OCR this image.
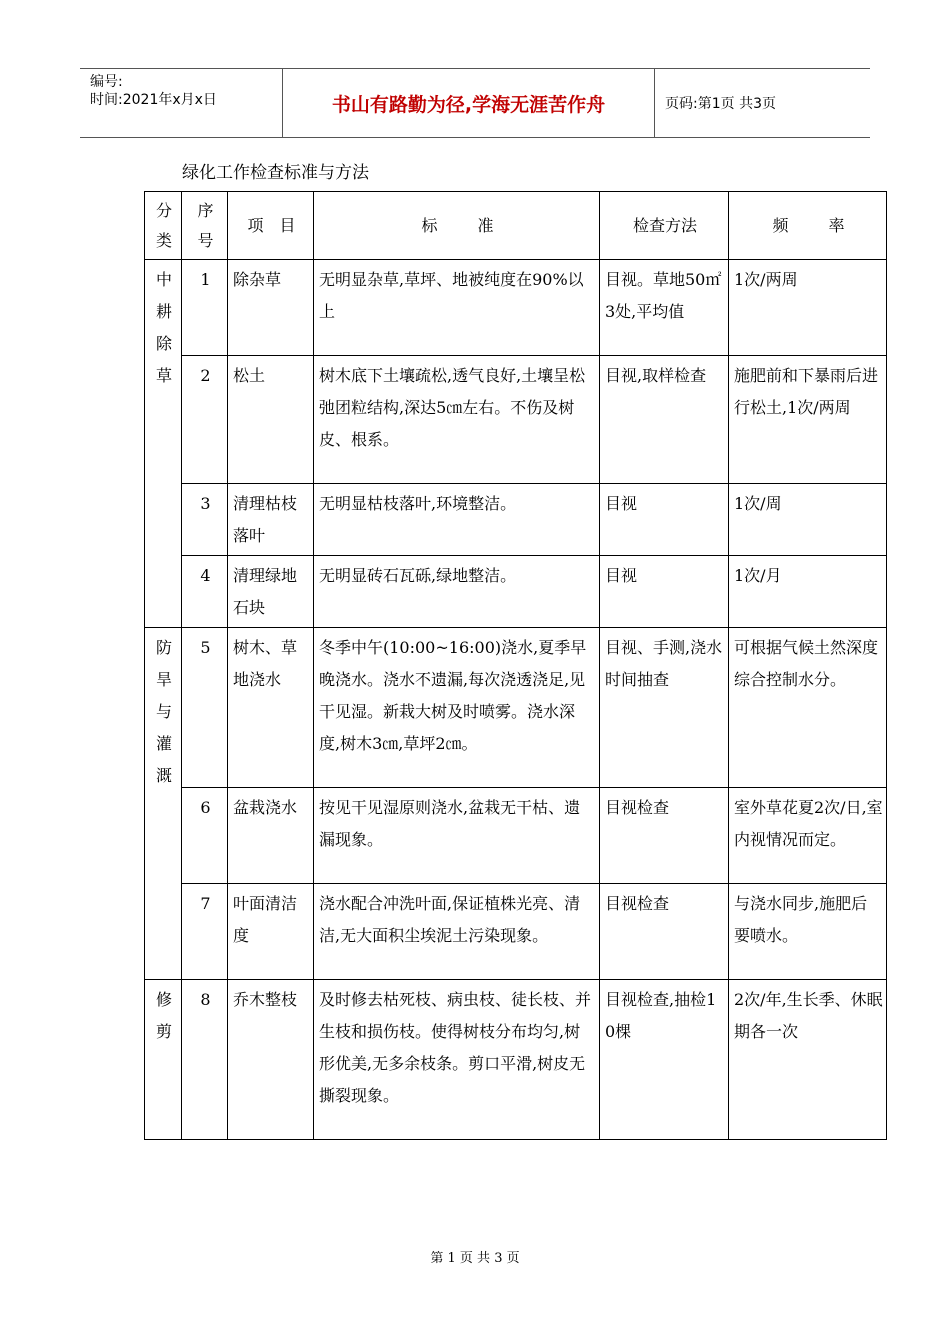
编号:
时间:2021年x月x日	书山有路勤为径,学海无涯苦作舟	页码:第1页 共3页
绿化工作检查标准与方法
分类	序号	项 目	标 准	检查方法	频 率

中耕除草	1	除杂草	无明显杂草,草坪、地被纯度在90%以上	目视。草地50㎡3处,平均值	1次/两周
	2	松土	树木底下土壤疏松,透气良好,土壤呈松弛团粒结构,深达5㎝左右。不伤及树皮、根系。	目视,取样检查	施肥前和下暴雨后进行松土,1次/两周
	3	清理枯枝落叶	无明显枯枝落叶,环境整洁。	目视	1次/周
	4	清理绿地石块	无明显砖石瓦砾,绿地整洁。	目视	1次/月

防旱与灌溉	5	树木、草地浇水	冬季中午(10:00~16:00)浇水,夏季早晚浇水。浇水不遗漏,每次浇透浇足,见干见湿。新栽大树及时喷雾。浇水深度,树木3㎝,草坪2㎝。	目视、手测,浇水时间抽查	可根据气候土然深度综合控制水分。
	6	盆栽浇水	按见干见湿原则浇水,盆栽无干枯、遗漏现象。	目视检查	室外草花夏2次/日,室内视情况而定。
	7	叶面清洁度	浇水配合冲洗叶面,保证植株光亮、清洁,无大面积尘埃泥土污染现象。	目视检查	与浇水同步,施肥后要喷水。

修剪	8	乔木整枝	及时修去枯死枝、病虫枝、徒长枝、并生枝和损伤枝。使得树枝分布均匀,树形优美,无多余枝条。剪口平滑,树皮无撕裂现象。	目视检查,抽检10棵	2次/年,生长季、休眠期各一次
第 1 页 共 3 页
